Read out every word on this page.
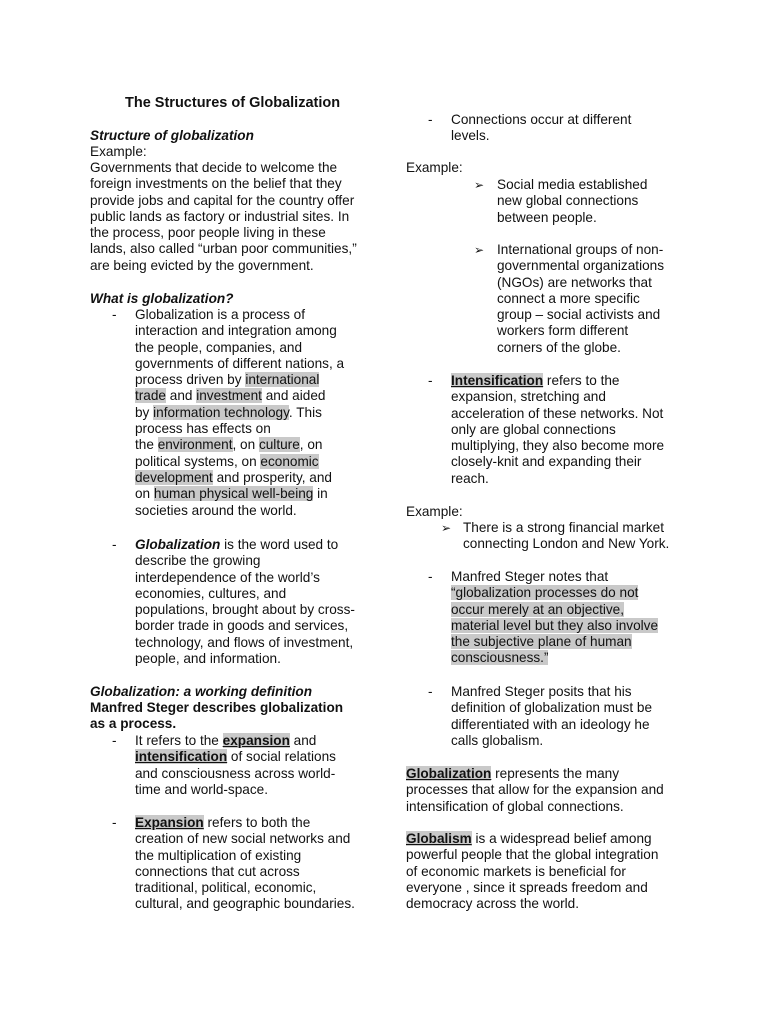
The Structures of Globalization
Structure of globalization
Example:
Governments that decide to welcome the
foreign investments on the belief that they
provide jobs and capital for the country offer
public lands as factory or industrial sites. In
the process, poor people living in these
lands, also called “urban poor communities,”
are being evicted by the government.
What is globalization?
- Globalization is a process of
interaction and integration among
the people, companies, and
governments of different nations, a
process driven by international
trade and investment and aided
by information technology. This
process has effects on
the environment, on culture, on
political systems, on economic
development and prosperity, and
on human physical well-being in
societies around the world.
- Globalization is the word used to
describe the growing
interdependence of the world’s
economies, cultures, and
populations, brought about by cross-
border trade in goods and services,
technology, and flows of investment,
people, and information.
Globalization: a working definition
Manfred Steger describes globalization
as a process.
- It refers to the expansion and
intensification of social relations
and consciousness across world-
time and world-space.
- Expansion refers to both the
creation of new social networks and
the multiplication of existing
connections that cut across
traditional, political, economic,
cultural, and geographic boundaries.
- Connections occur at different
levels.
Example:
➢ Social media established
new global connections
between people.
➢ International groups of non-
governmental organizations
(NGOs) are networks that
connect a more specific
group – social activists and
workers form different
corners of the globe.
- Intensification refers to the
expansion, stretching and
acceleration of these networks. Not
only are global connections
multiplying, they also become more
closely-knit and expanding their
reach.
Example:
➢ There is a strong financial market
connecting London and New York.
- Manfred Steger notes that
“globalization processes do not
occur merely at an objective,
material level but they also involve
the subjective plane of human
consciousness.”
- Manfred Steger posits that his
definition of globalization must be
differentiated with an ideology he
calls globalism.
Globalization represents the many
processes that allow for the expansion and
intensification of global connections.
Globalism is a widespread belief among
powerful people that the global integration
of economic markets is beneficial for
everyone , since it spreads freedom and
democracy across the world.
